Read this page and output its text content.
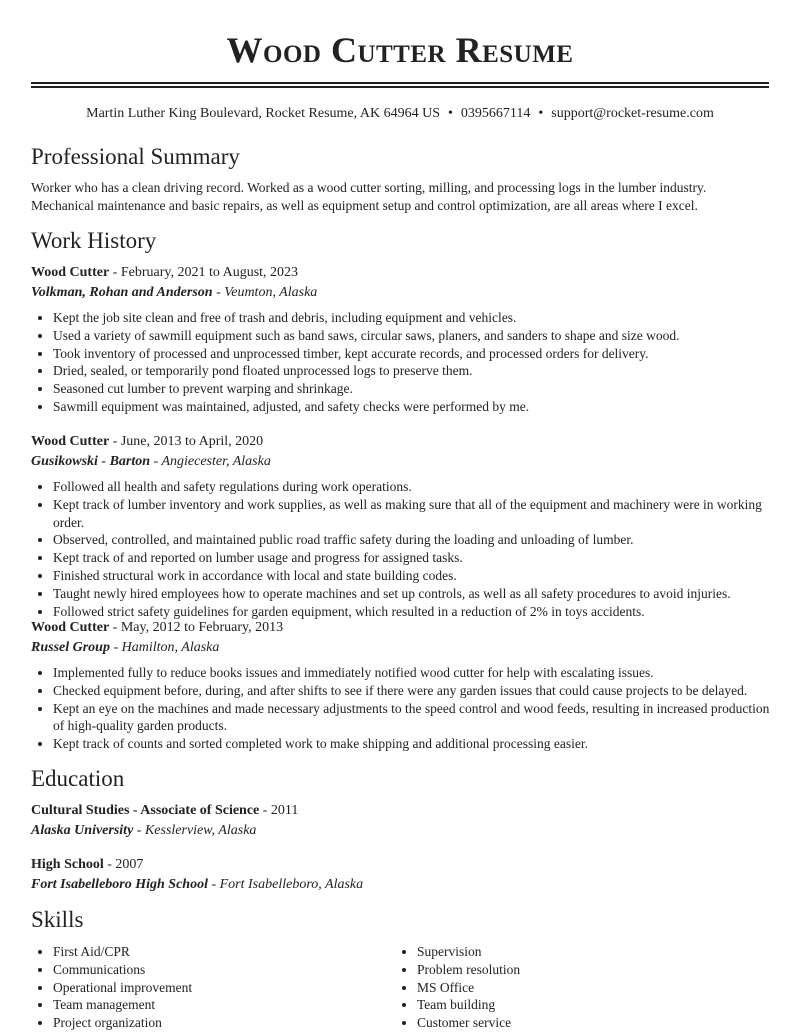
Wood Cutter Resume
Martin Luther King Boulevard, Rocket Resume, AK 64964 US • 0395667114 • support@rocket-resume.com
Professional Summary

Worker who has a clean driving record. Worked as a wood cutter sorting, milling, and processing logs in the lumber industry. Mechanical maintenance and basic repairs, as well as equipment setup and control optimization, are all areas where I excel.

Work History

Wood Cutter - February, 2021 to August, 2023

Volkman, Rohan and Anderson - Veumton, Alaska

• Kept the job site clean and free of trash and debris, including equipment and vehicles.
• Used a variety of sawmill equipment such as band saws, circular saws, planers, and sanders to shape and size wood.
• Took inventory of processed and unprocessed timber, kept accurate records, and processed orders for delivery.
• Dried, sealed, or temporarily pond floated unprocessed logs to preserve them.
• Seasoned cut lumber to prevent warping and shrinkage.
• Sawmill equipment was maintained, adjusted, and safety checks were performed by me.

Wood Cutter - June, 2013 to April, 2020

Gusikowski - Barton - Angiecester, Alaska

• Followed all health and safety regulations during work operations.
• Kept track of lumber inventory and work supplies, as well as making sure that all of the equipment and machinery were in working order.
• Observed, controlled, and maintained public road traffic safety during the loading and unloading of lumber.
• Kept track of and reported on lumber usage and progress for assigned tasks.
• Finished structural work in accordance with local and state building codes.
• Taught newly hired employees how to operate machines and set up controls, as well as all safety procedures to avoid injuries.
• Followed strict safety guidelines for garden equipment, which resulted in a reduction of 2% in toys accidents.

Wood Cutter - May, 2012 to February, 2013

Russel Group - Hamilton, Alaska

• Implemented fully to reduce books issues and immediately notified wood cutter for help with escalating issues.
• Checked equipment before, during, and after shifts to see if there were any garden issues that could cause projects to be delayed.
• Kept an eye on the machines and made necessary adjustments to the speed control and wood feeds, resulting in increased production of high-quality garden products.
• Kept track of counts and sorted completed work to make shipping and additional processing easier.
Education

Cultural Studies - Associate of Science - 2011

Alaska University - Kesslerview, Alaska

High School - 2007

Fort Isabelleboro High School - Fort Isabelleboro, Alaska

Skills
• First Aid/CPR
• Communications
• Operational improvement
• Team management
• Project organization
• Supervision
• Problem resolution
• MS Office
• Team building
• Customer service
